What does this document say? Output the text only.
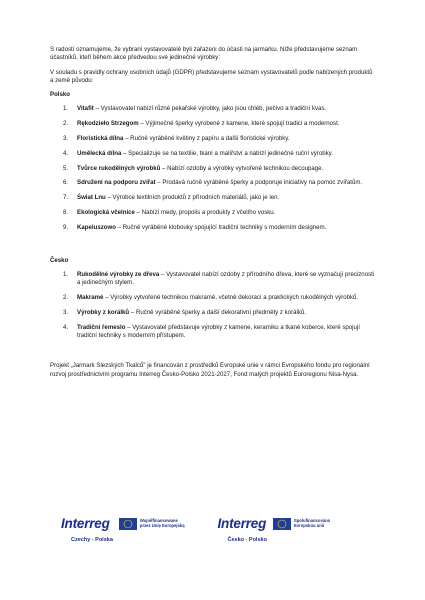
S radostí oznamujeme, že vybraní vystavovatelé byli zařazeni do účasti na jarmarku. Níže představujeme seznam účastníků, kteří během akce předvedou své jedinečné výrobky:

V souladu s pravidly ochrany osobních údajů (GDPR) představujeme seznam vystavovatelů podle nabízených produktů a země původu:

Polsko
1. Vitafit – Vystavovatel nabízí různé pekařské výrobky, jako jsou chléb, pečivo a tradiční kvas.
2. Rękodzieło Strzegom – Výjimečné šperky vyrobené z kamene, které spojují tradici a modernost.
3. Floristická dílna – Ručně vyráběné květiny z papíru a další floristické výrobky.
4. Umělecká dílna – Specializuje se na textilie, tkaní a malířství a nabízí jedinečné ruční výrobky.
5. Tvůrce rukodělných výrobků – Nabízí ozdoby a výrobky vytvořené technikou decoupage.
6. Sdružení na podporu zvířat – Prodává ručně vyráběné šperky a podporuje iniciativy na pomoc zvířatům.
7. Świat Lnu – Výrobce textilních produktů z přírodních materiálů, jako je len.
8. Ekologická včelnice – Nabízí medy, propolis a produkty z včelího vosku.
9. Kapeluszowo – Ručně vyráběné klobouky spojující tradiční techniky s moderním designem.
Česko
1. Rukodělné výrobky ze dřeva – Vystavovatel nabízí ozdoby z přírodního dřeva, které se vyznačují preciznosti a jedinečným stylem.
2. Makramé – Výrobky vytvořené technikou makramé, včetně dekorací a praktických rukodělných výrobků.
3. Výrobky z korálků – Ručně vyráběné šperky a další dekorativní předměty z korálků.
4. Tradiční řemeslo – Vystavovatel představuje výrobky z kamene, keramiku a tkané koberce, které spojují tradiční techniky s moderním přístupem.

Projekt „Jarmark Slezských Tkalců" je financován z prostředků Evropské unie v rámci Evropského fondu pro regionální rozvoj prostřednictvím programu Interreg Česko-Polsko 2021-2027, Fond malých projektů Euroregionu Nisa-Nysa.

Interreg
Czechy - Polska
Współfinansowane
przez Unię Europejską Interreg
Česko - Polsko
Spolufinancováno
Evropskou unií
